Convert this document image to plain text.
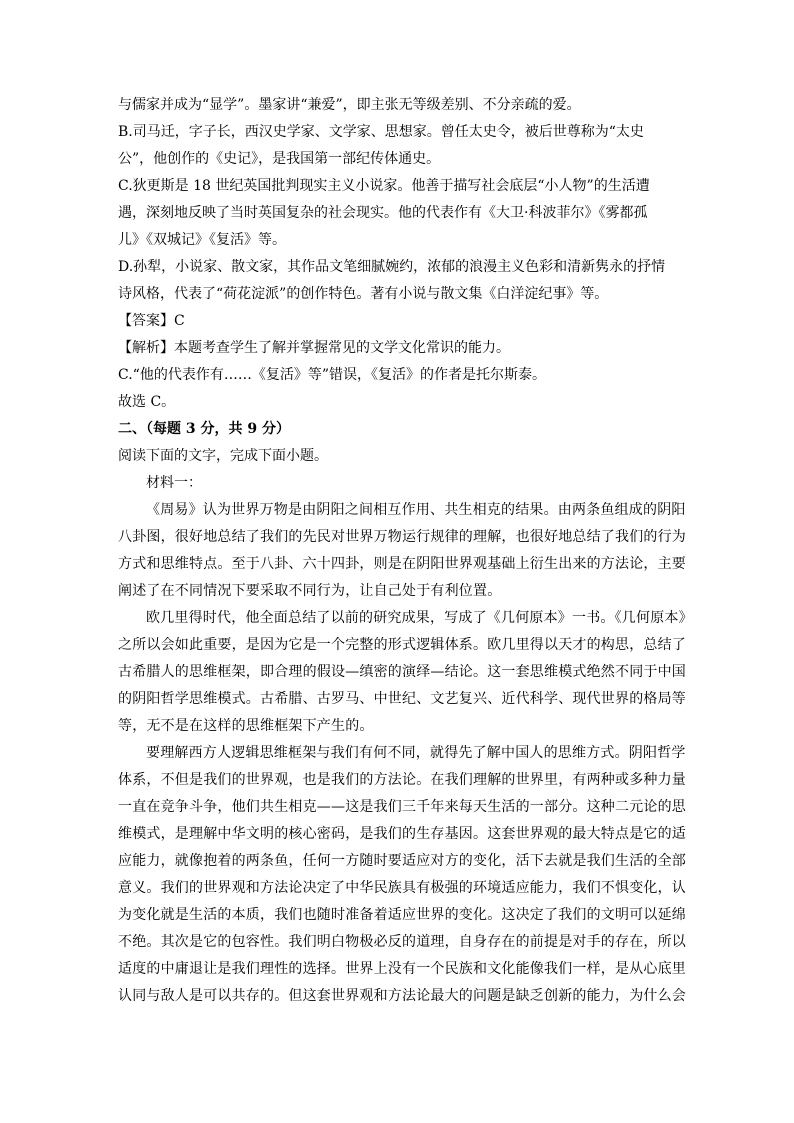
与儒家并成为“显学”。墨家讲“兼爱”，即主张无等级差别、不分亲疏的爱。
B.司马迁，字子长，西汉史学家、文学家、思想家。曾任太史令，被后世尊称为“太史
公”，他创作的《史记》，是我国第一部纪传体通史。
C.狄更斯是 18 世纪英国批判现实主义小说家。他善于描写社会底层“小人物”的生活遭
遇，深刻地反映了当时英国复杂的社会现实。他的代表作有《大卫·科波菲尔》《雾都孤
儿》《双城记》《复活》等。
D.孙犁，小说家、散文家，其作品文笔细腻婉约，浓郁的浪漫主义色彩和清新隽永的抒情
诗风格，代表了“荷花淀派”的创作特色。著有小说与散文集《白洋淀纪事》等。
【答案】C
【解析】本题考查学生了解并掌握常见的文学文化常识的能力。
C.“他的代表作有……《复活》等”错误，《复活》的作者是托尔斯泰。
故选 C。
二、（每题 3 分，共 9 分）
阅读下面的文字，完成下面小题。
材料一：
《周易》认为世界万物是由阴阳之间相互作用、共生相克的结果。由两条鱼组成的阴阳
八卦图，很好地总结了我们的先民对世界万物运行规律的理解，也很好地总结了我们的行为
方式和思维特点。至于八卦、六十四卦，则是在阴阳世界观基础上衍生出来的方法论，主要
阐述了在不同情况下要采取不同行为，让自己处于有利位置。
欧几里得时代，他全面总结了以前的研究成果，写成了《几何原本》一书。《几何原本》
之所以会如此重要，是因为它是一个完整的形式逻辑体系。欧几里得以天才的构思，总结了
古希腊人的思维框架，即合理的假设—缜密的演绎—结论。这一套思维模式绝然不同于中国
的阴阳哲学思维模式。古希腊、古罗马、中世纪、文艺复兴、近代科学、现代世界的格局等
等，无不是在这样的思维框架下产生的。
要理解西方人逻辑思维框架与我们有何不同，就得先了解中国人的思维方式。阴阳哲学
体系，不但是我们的世界观，也是我们的方法论。在我们理解的世界里，有两种或多种力量
一直在竞争斗争，他们共生相克——这是我们三千年来每天生活的一部分。这种二元论的思
维模式，是理解中华文明的核心密码，是我们的生存基因。这套世界观的最大特点是它的适
应能力，就像抱着的两条鱼，任何一方随时要适应对方的变化，活下去就是我们生活的全部
意义。我们的世界观和方法论决定了中华民族具有极强的环境适应能力，我们不惧变化，认
为变化就是生活的本质，我们也随时准备着适应世界的变化。这决定了我们的文明可以延绵
不绝。其次是它的包容性。我们明白物极必反的道理，自身存在的前提是对手的存在，所以
适度的中庸退让是我们理性的选择。世界上没有一个民族和文化能像我们一样，是从心底里
认同与敌人是可以共存的。但这套世界观和方法论最大的问题是缺乏创新的能力，为什么会
